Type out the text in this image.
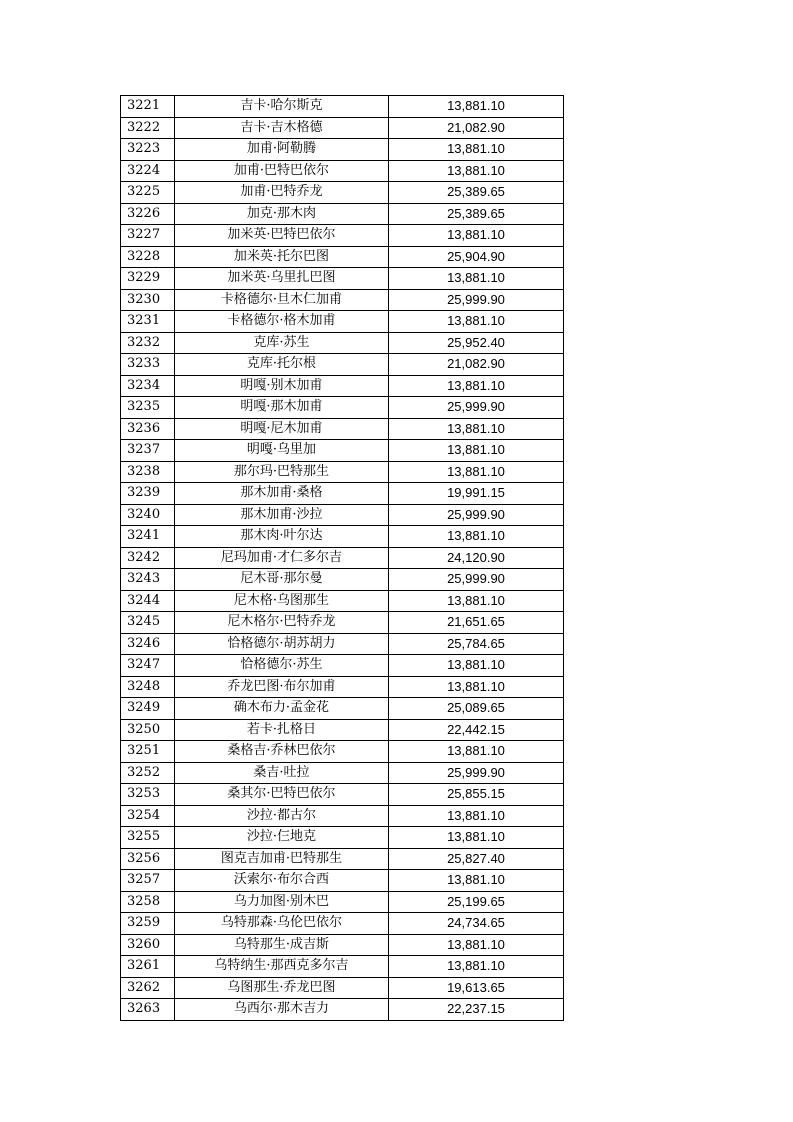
3221	吉卡·哈尔斯克	13,881.10
3222	吉卡·吉木格德	21,082.90
3223	加甫·阿勒腾	13,881.10
3224	加甫·巴特巴依尔	13,881.10
3225	加甫·巴特乔龙	25,389.65
3226	加克·那木肉	25,389.65
3227	加米英·巴特巴依尔	13,881.10
3228	加米英·托尔巴图	25,904.90
3229	加米英·乌里扎巴图	13,881.10
3230	卡格德尔·旦木仁加甫	25,999.90
3231	卡格德尔·格木加甫	13,881.10
3232	克库·苏生	25,952.40
3233	克库·托尔根	21,082.90
3234	明嘎·别木加甫	13,881.10
3235	明嘎·那木加甫	25,999.90
3236	明嘎·尼木加甫	13,881.10
3237	明嘎·乌里加	13,881.10
3238	那尔玛·巴特那生	13,881.10
3239	那木加甫·桑格	19,991.15
3240	那木加甫·沙拉	25,999.90
3241	那木肉·叶尔达	13,881.10
3242	尼玛加甫·才仁多尔吉	24,120.90
3243	尼木哥·那尔曼	25,999.90
3244	尼木格·乌图那生	13,881.10
3245	尼木格尔·巴特乔龙	21,651.65
3246	恰格德尔·胡苏胡力	25,784.65
3247	恰格德尔·苏生	13,881.10
3248	乔龙巴图·布尔加甫	13,881.10
3249	确木布力·孟金花	25,089.65
3250	若卡·扎格日	22,442.15
3251	桑格吉·乔林巴依尔	13,881.10
3252	桑吉·吐拉	25,999.90
3253	桑其尔·巴特巴依尔	25,855.15
3254	沙拉·都古尔	13,881.10
3255	沙拉·仨地克	13,881.10
3256	图克吉加甫·巴特那生	25,827.40
3257	沃索尔·布尔合西	13,881.10
3258	乌力加图·别木巴	25,199.65
3259	乌特那森·乌伦巴依尔	24,734.65
3260	乌特那生·成吉斯	13,881.10
3261	乌特纳生·那西克多尔吉	13,881.10
3262	乌图那生·乔龙巴图	19,613.65
3263	乌西尔·那木吉力	22,237.15
